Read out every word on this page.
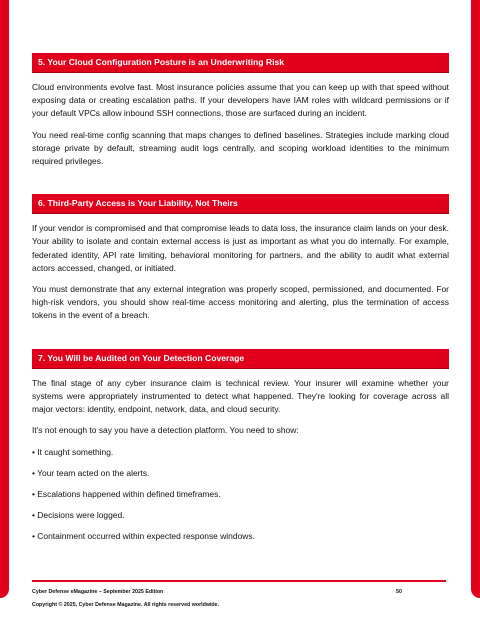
5. Your Cloud Configuration Posture is an Underwriting Risk

Cloud environments evolve fast. Most insurance policies assume that you can keep up with that speed without exposing data or creating escalation paths. If your developers have IAM roles with wildcard permissions or if your default VPCs allow inbound SSH connections, those are surfaced during an incident.

You need real-time config scanning that maps changes to defined baselines. Strategies include marking cloud storage private by default, streaming audit logs centrally, and scoping workload identities to the minimum required privileges.

6. Third-Party Access is Your Liability, Not Theirs

If your vendor is compromised and that compromise leads to data loss, the insurance claim lands on your desk. Your ability to isolate and contain external access is just as important as what you do internally. For example, federated identity, API rate limiting, behavioral monitoring for partners, and the ability to audit what external actors accessed, changed, or initiated.

You must demonstrate that any external integration was properly scoped, permissioned, and documented. For high-risk vendors, you should show real-time access monitoring and alerting, plus the termination of access tokens in the event of a breach.

7. You Will be Audited on Your Detection Coverage

The final stage of any cyber insurance claim is technical review. Your insurer will examine whether your systems were appropriately instrumented to detect what happened. They're looking for coverage across all major vectors: identity, endpoint, network, data, and cloud security.

It's not enough to say you have a detection platform. You need to show:

• It caught something.

• Your team acted on the alerts.

• Escalations happened within defined timeframes.

• Decisions were logged.

• Containment occurred within expected response windows.

Cyber Defense eMagazine – September 2025 Edition	50
Copyright © 2025, Cyber Defense Magazine. All rights reserved worldwide.
